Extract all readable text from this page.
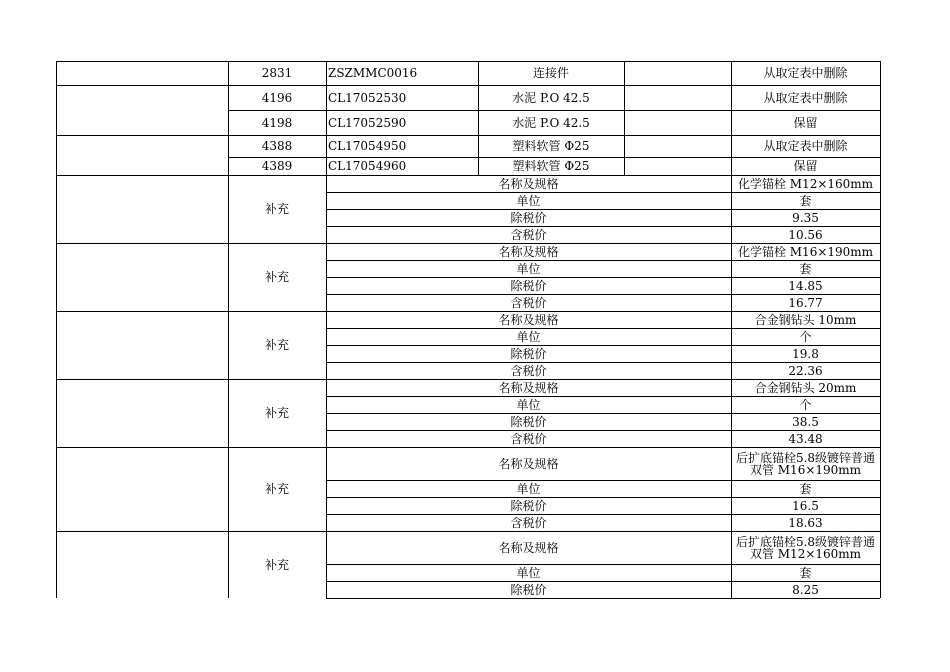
2831	ZSZMMC0016	连接件	从取定表中删除
4196	CL17052530	水泥 P.O 42.5	从取定表中删除
4198	CL17052590	水泥 P.O 42.5	保留
4388	CL17054950	塑料软管 Φ25	从取定表中删除
4389	CL17054960	塑料软管 Φ25	保留
补充
名称及规格	化学锚栓 M12×160mm
单位	套
除税价	9.35
含税价	10.56
补充
名称及规格	化学锚栓 M16×190mm
单位	套
除税价	14.85
含税价	16.77
补充
名称及规格	合金钢钻头 10mm
单位	个
除税价	19.8
含税价	22.36
补充
名称及规格	合金钢钻头 20mm
单位	个
除税价	38.5
含税价	43.48
补充
名称及规格	后扩底锚栓5.8级镀锌普通双管 M16×190mm
单位	套
除税价	16.5
含税价	18.63
补充
名称及规格	后扩底锚栓5.8级镀锌普通双管 M12×160mm
单位	套
除税价	8.25
